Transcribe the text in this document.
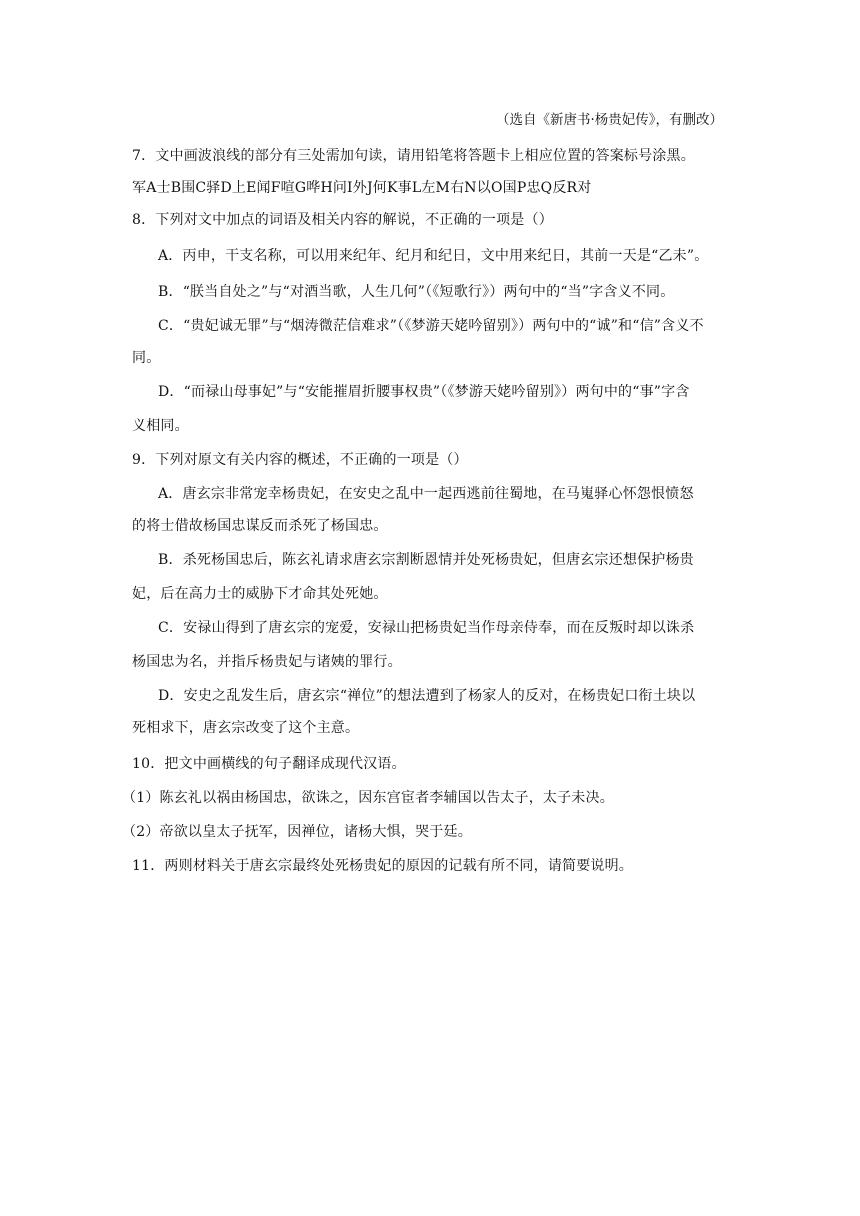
（选自《新唐书·杨贵妃传》，有删改）
7．文中画波浪线的部分有三处需加句读，请用铅笔将答题卡上相应位置的答案标号涂黑。
军A士B围C驿D上E闻F喧G哗H问I外J何K事L左M右N以O国P忠Q反R对
8．下列对文中加点的词语及相关内容的解说，不正确的一项是（）
A．丙申，干支名称，可以用来纪年、纪月和纪日，文中用来纪日，其前一天是“乙未”。
B．“朕当自处之”与“对酒当歌，人生几何”（《短歌行》）两句中的“当”字含义不同。
C．“贵妃诚无罪”与“烟涛微茫信难求”（《梦游天姥吟留别》）两句中的“诚”和“信”含义不
同。
D．“而禄山母事妃”与“安能摧眉折腰事权贵”（《梦游天姥吟留别》）两句中的“事”字含
义相同。
9．下列对原文有关内容的概述，不正确的一项是（）
A．唐玄宗非常宠幸杨贵妃，在安史之乱中一起西逃前往蜀地，在马嵬驿心怀怨恨愤怒
的将士借故杨国忠谋反而杀死了杨国忠。
B．杀死杨国忠后，陈玄礼请求唐玄宗割断恩情并处死杨贵妃，但唐玄宗还想保护杨贵
妃，后在高力士的威胁下才命其处死她。
C．安禄山得到了唐玄宗的宠爱，安禄山把杨贵妃当作母亲侍奉，而在反叛时却以诛杀
杨国忠为名，并指斥杨贵妃与诸姨的罪行。
D．安史之乱发生后，唐玄宗“禅位”的想法遭到了杨家人的反对，在杨贵妃口衔土块以
死相求下，唐玄宗改变了这个主意。
10．把文中画横线的句子翻译成现代汉语。
（1）陈玄礼以祸由杨国忠，欲诛之，因东宫宦者李辅国以告太子，太子未决。
（2）帝欲以皇太子抚军，因禅位，诸杨大惧，哭于廷。
11．两则材料关于唐玄宗最终处死杨贵妃的原因的记载有所不同，请简要说明。
